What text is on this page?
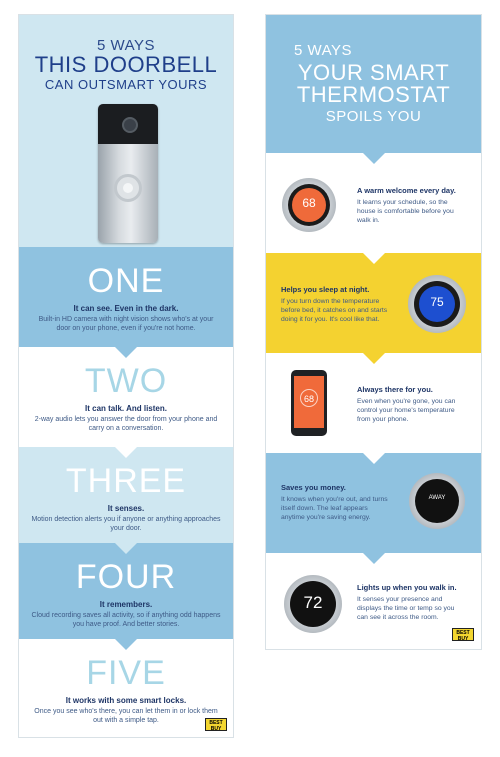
5 WAYS
THIS DOORBELL
CAN OUTSMART YOURS
ONE
It can see. Even in the dark.
Built-in HD camera with night vision shows who's at your door on your phone, even if you're not home.
TWO
It can talk. And listen.
2-way audio lets you answer the door from your phone and carry on a conversation.
THREE
It senses.
Motion detection alerts you if anyone or anything approaches your door.
FOUR
It remembers.
Cloud recording saves all activity, so if anything odd happens you have proof. And better stories.
FIVE
It works with some smart locks.
Once you see who's there, you can let them in or lock them out with a simple tap.	BEST BUY
5 WAYS
YOUR SMART
THERMOSTAT
SPOILS YOU
68
A warm welcome every day.
It learns your schedule, so the house is comfortable before you walk in.
Helps you sleep at night.
If you turn down the temperature before bed, it catches on and starts doing it for you. It's cool like that.
75
68
Always there for you.
Even when you're gone, you can control your home's temperature from your phone.
Saves you money.
It knows when you're out, and turns itself down. The leaf appears anytime you're saving energy.
AWAY
72
Lights up when you walk in.
It senses your presence and displays the time or temp so you can see it across the room.
BEST BUY
